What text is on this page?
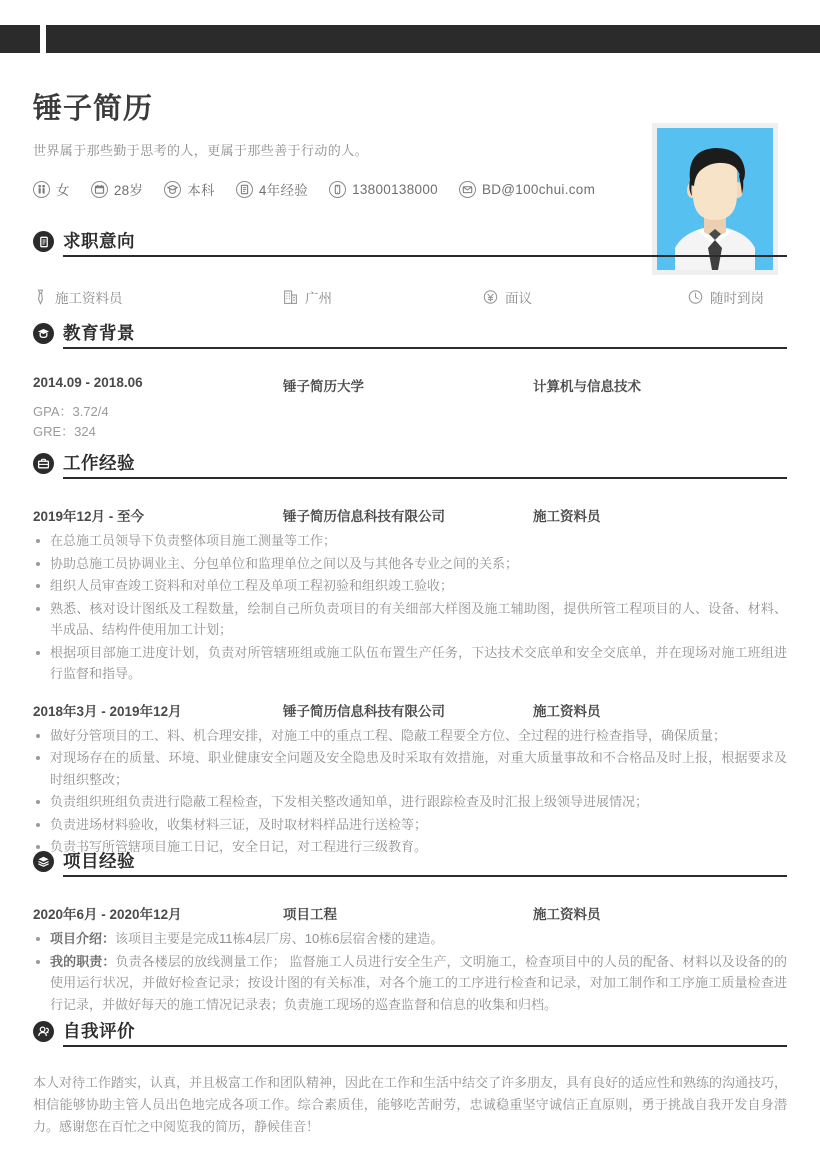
锤子简历
世界属于那些勤于思考的人，更属于那些善于行动的人。
女	28岁	本科	4年经验	13800138000	BD@100chui.com
求职意向
施工资料员	广州	面议	随时到岗
教育背景
2014.09 - 2018.06	锤子简历大学	计算机与信息技术
GPA：3.72/4
GRE：324
工作经验
2019年12月 - 至今	锤子简历信息科技有限公司	施工资料员
在总施工员领导下负责整体项目施工测量等工作；
协助总施工员协调业主、分包单位和监理单位之间以及与其他各专业之间的关系；
组织人员审查竣工资料和对单位工程及单项工程初验和组织竣工验收；
熟悉、核对设计图纸及工程数量，绘制自己所负责项目的有关细部大样图及施工辅助图，提供所管工程项目的人、设备、材料、半成品、结构件使用加工计划；
根据项目部施工进度计划，负责对所管辖班组或施工队伍布置生产任务，下达技术交底单和安全交底单，并在现场对施工班组进行监督和指导。
2018年3月 - 2019年12月	锤子简历信息科技有限公司	施工资料员
做好分管项目的工、料、机合理安排，对施工中的重点工程、隐蔽工程要全方位、全过程的进行检查指导，确保质量；
对现场存在的质量、环境、职业健康安全问题及安全隐患及时采取有效措施，对重大质量事故和不合格品及时上报，根据要求及时组织整改；
负责组织班组负责进行隐蔽工程检查，下发相关整改通知单，进行跟踪检查及时汇报上级领导进展情况；
负责进场材料验收，收集材料三证，及时取材料样品进行送检等；
负责书写所管辖项目施工日记，安全日记，对工程进行三级教育。
项目经验
2020年6月 - 2020年12月	项目工程	施工资料员
项目介绍：该项目主要是完成11栋4层厂房、10栋6层宿舍楼的建造。
我的职责：负责各楼层的放线测量工作； 监督施工人员进行安全生产，文明施工，检查项目中的人员的配备、材料以及设备的的使用运行状况，并做好检查记录；按设计图的有关标准，对各个施工的工序进行检查和记录，对加工制作和工序施工质量检查进行记录，并做好每天的施工情况记录表；负责施工现场的巡查监督和信息的收集和归档。
自我评价
本人对待工作踏实，认真，并且极富工作和团队精神，因此在工作和生活中结交了许多朋友，具有良好的适应性和熟练的沟通技巧，相信能够协助主管人员出色地完成各项工作。综合素质佳，能够吃苦耐劳，忠诚稳重坚守诚信正直原则，勇于挑战自我开发自身潜力。感谢您在百忙之中阅览我的简历，静候佳音！
